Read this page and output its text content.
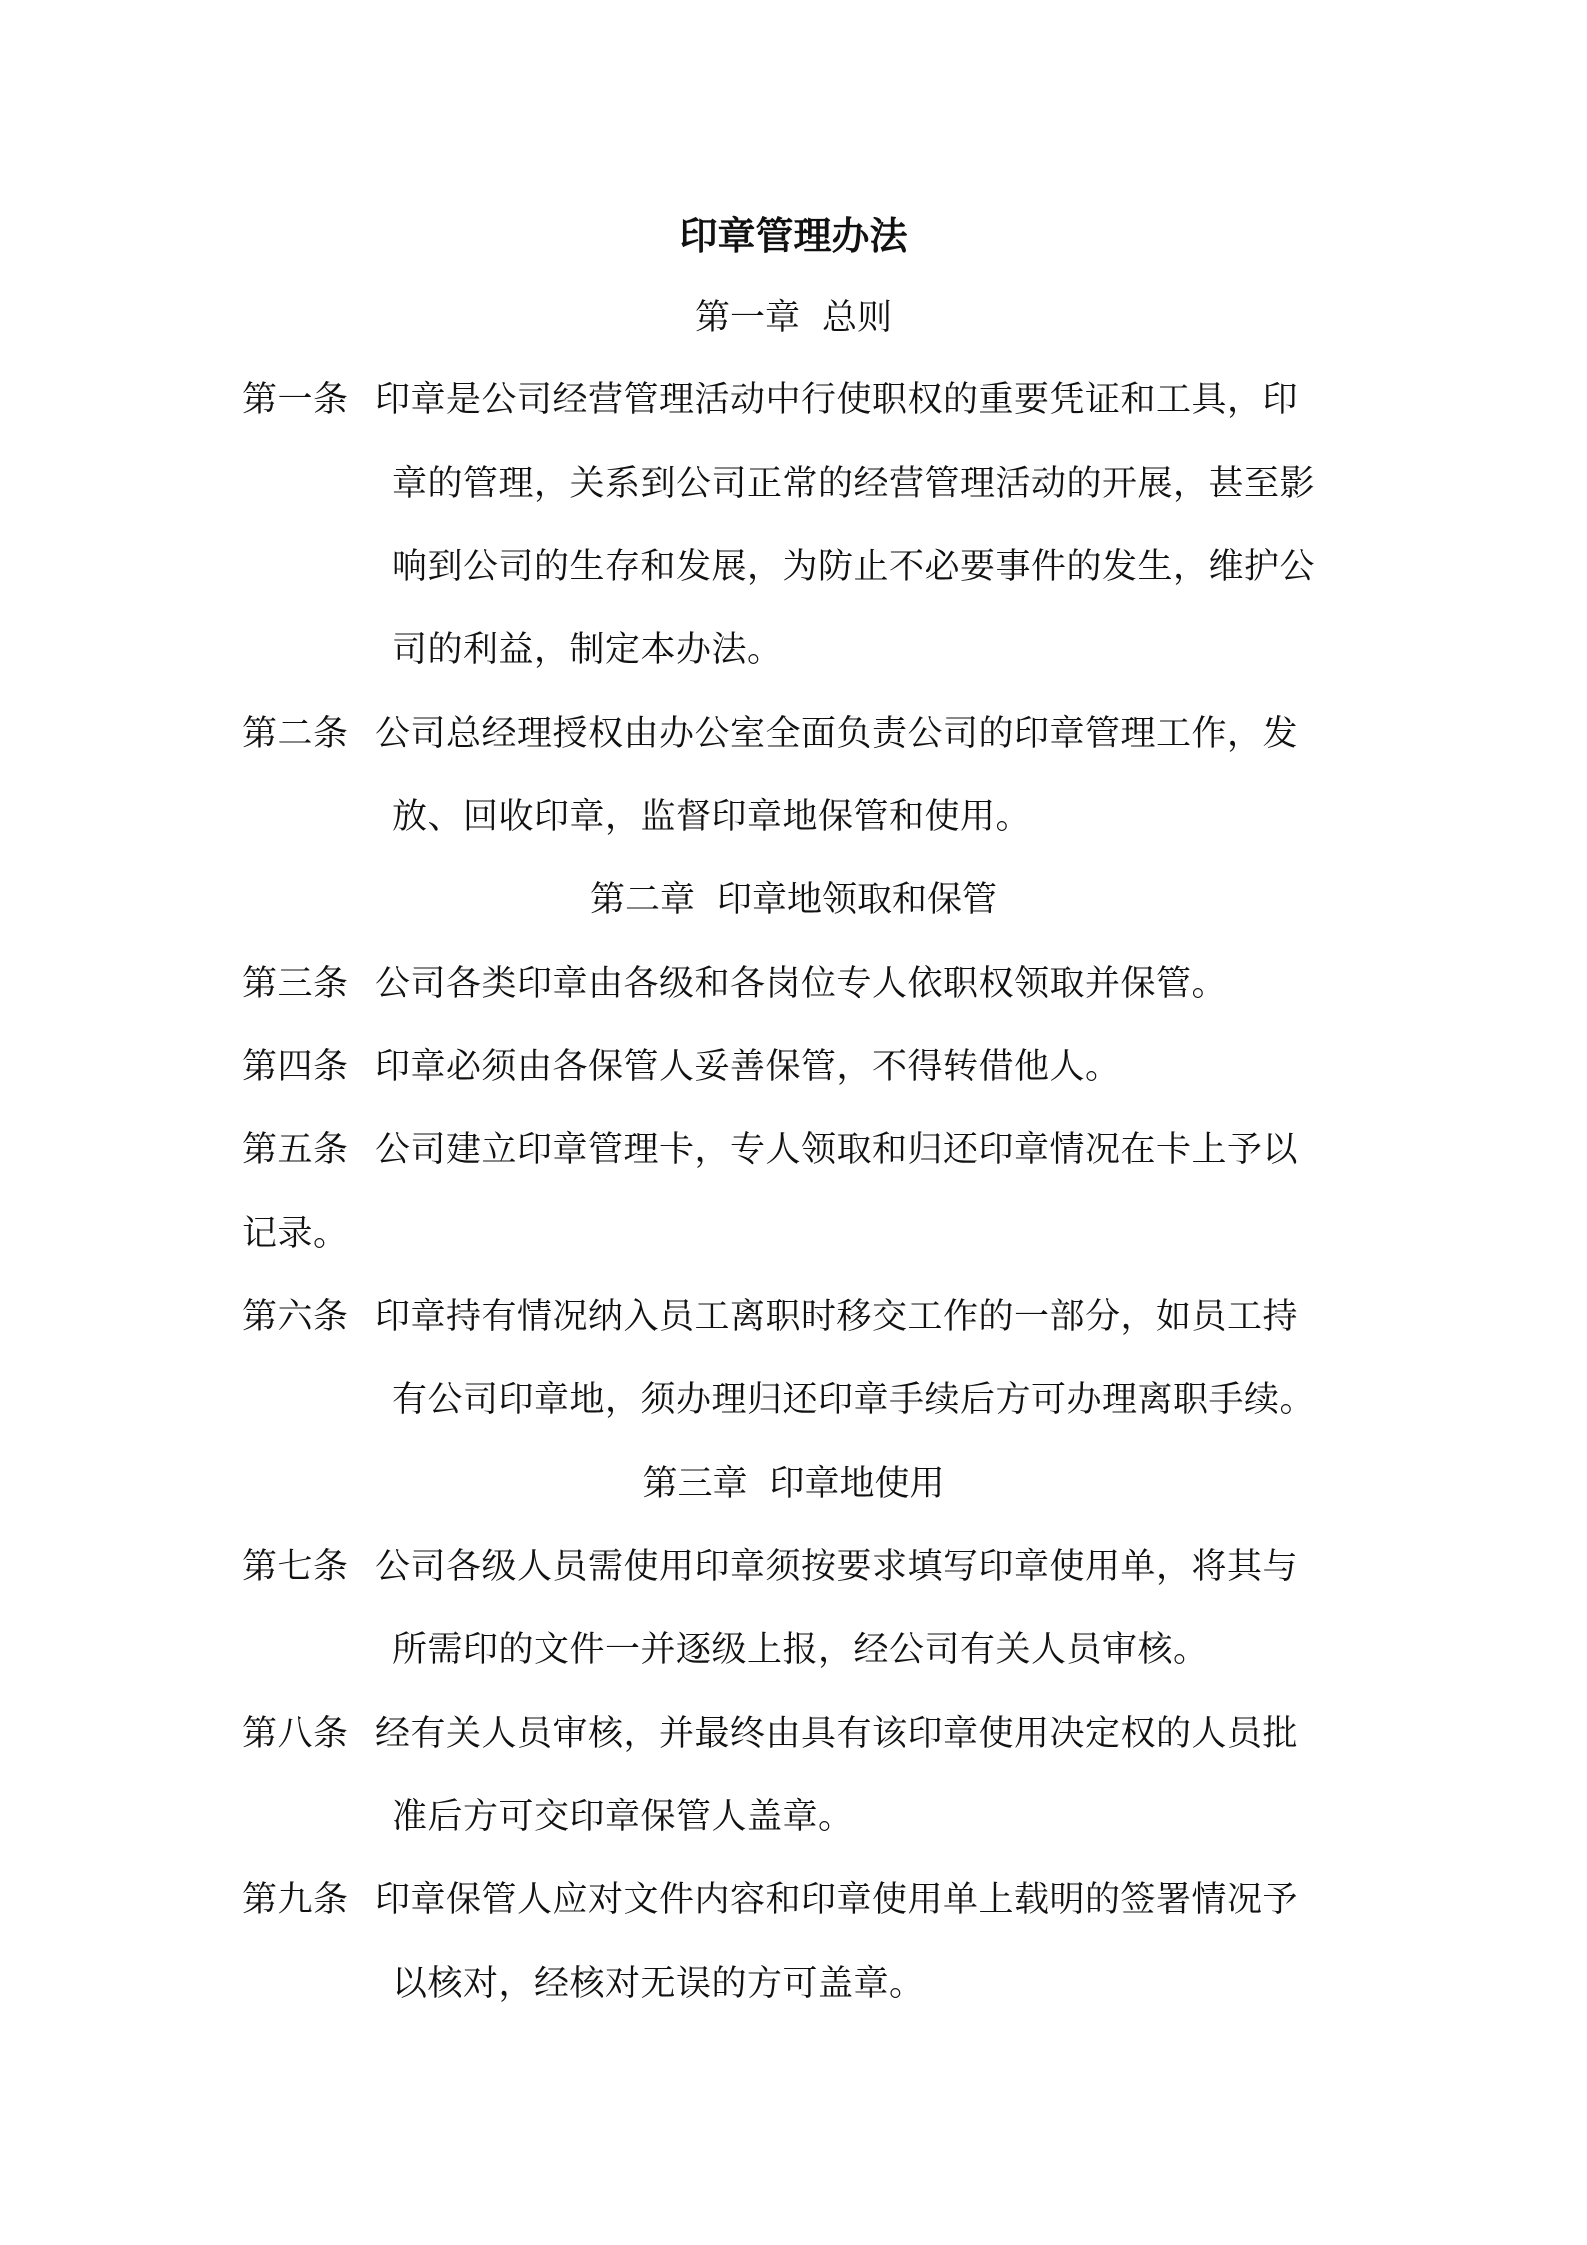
印章管理办法
第一章 总则
第一条 印章是公司经营管理活动中行使职权的重要凭证和工具，印
章的管理，关系到公司正常的经营管理活动的开展，甚至影
响到公司的生存和发展，为防止不必要事件的发生，维护公
司的利益，制定本办法。
第二条 公司总经理授权由办公室全面负责公司的印章管理工作，发
放、回收印章，监督印章地保管和使用。
第二章 印章地领取和保管
第三条 公司各类印章由各级和各岗位专人依职权领取并保管。
第四条 印章必须由各保管人妥善保管，不得转借他人。
第五条 公司建立印章管理卡，专人领取和归还印章情况在卡上予以
记录。
第六条 印章持有情况纳入员工离职时移交工作的一部分，如员工持
有公司印章地，须办理归还印章手续后方可办理离职手续。
第三章 印章地使用
第七条 公司各级人员需使用印章须按要求填写印章使用单，将其与
所需印的文件一并逐级上报，经公司有关人员审核。
第八条 经有关人员审核，并最终由具有该印章使用决定权的人员批
准后方可交印章保管人盖章。
第九条 印章保管人应对文件内容和印章使用单上载明的签署情况予
以核对，经核对无误的方可盖章。
